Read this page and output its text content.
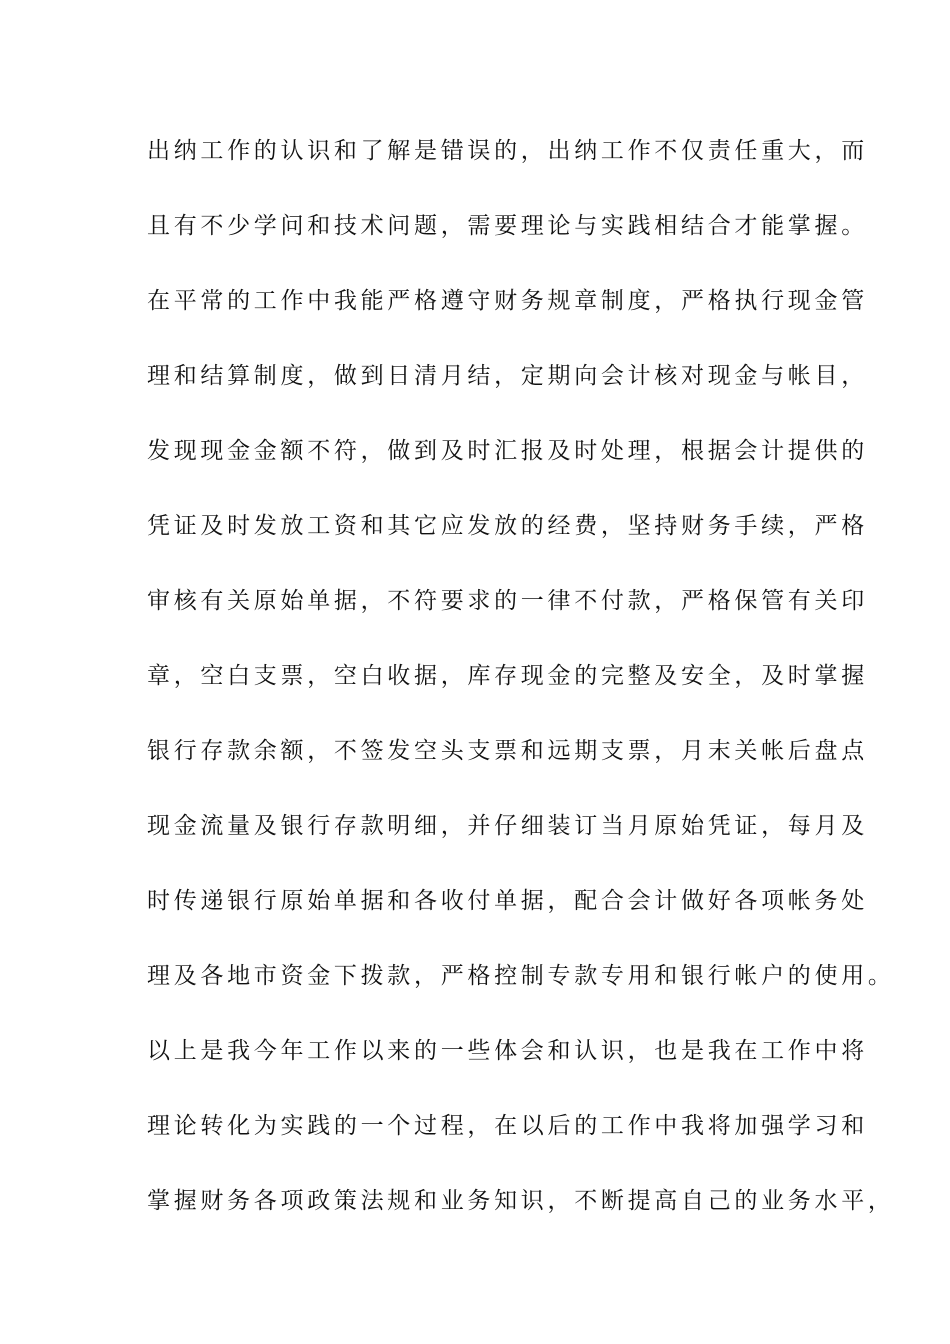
出纳工作的认识和了解是错误的，出纳工作不仅责任重大，而
且有不少学问和技术问题，需要理论与实践相结合才能掌握。
在平常的工作中我能严格遵守财务规章制度，严格执行现金管
理和结算制度，做到日清月结，定期向会计核对现金与帐目，
发现现金金额不符，做到及时汇报及时处理，根据会计提供的
凭证及时发放工资和其它应发放的经费，坚持财务手续，严格
审核有关原始单据，不符要求的一律不付款，严格保管有关印
章，空白支票，空白收据，库存现金的完整及安全，及时掌握
银行存款余额，不签发空头支票和远期支票，月末关帐后盘点
现金流量及银行存款明细，并仔细装订当月原始凭证，每月及
时传递银行原始单据和各收付单据，配合会计做好各项帐务处
理及各地市资金下拨款，严格控制专款专用和银行帐户的使用。
以上是我今年工作以来的一些体会和认识，也是我在工作中将
理论转化为实践的一个过程，在以后的工作中我将加强学习和
掌握财务各项政策法规和业务知识，不断提高自己的业务水平，
